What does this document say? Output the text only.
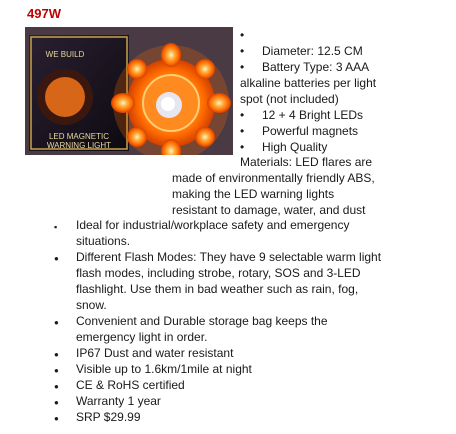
497W
WE BUILD
LED MAGNETIC
WARNING LIGHT
•
•
•
•
•
•
Diameter: 12.5 CM
Battery Type: 3 AAA
alkaline batteries per light
spot (not included)
12 + 4 Bright LEDs
Powerful magnets
High Quality
Materials: LED flares are
made of environmentally friendly ABS,
making the LED warning lights
resistant to damage, water, and dust
▪ Ideal for industrial/workplace safety and emergency
situations.
● Different Flash Modes: They have 9 selectable warm light
flash modes, including strobe, rotary, SOS and 3-LED
flashlight. Use them in bad weather such as rain, fog,
snow.
● Convenient and Durable storage bag keeps the
emergency light in order.
● IP67 Dust and water resistant
● Visible up to 1.6km/1mile at night
● CE & RoHS certified
● Warranty 1 year
● SRP $29.99
